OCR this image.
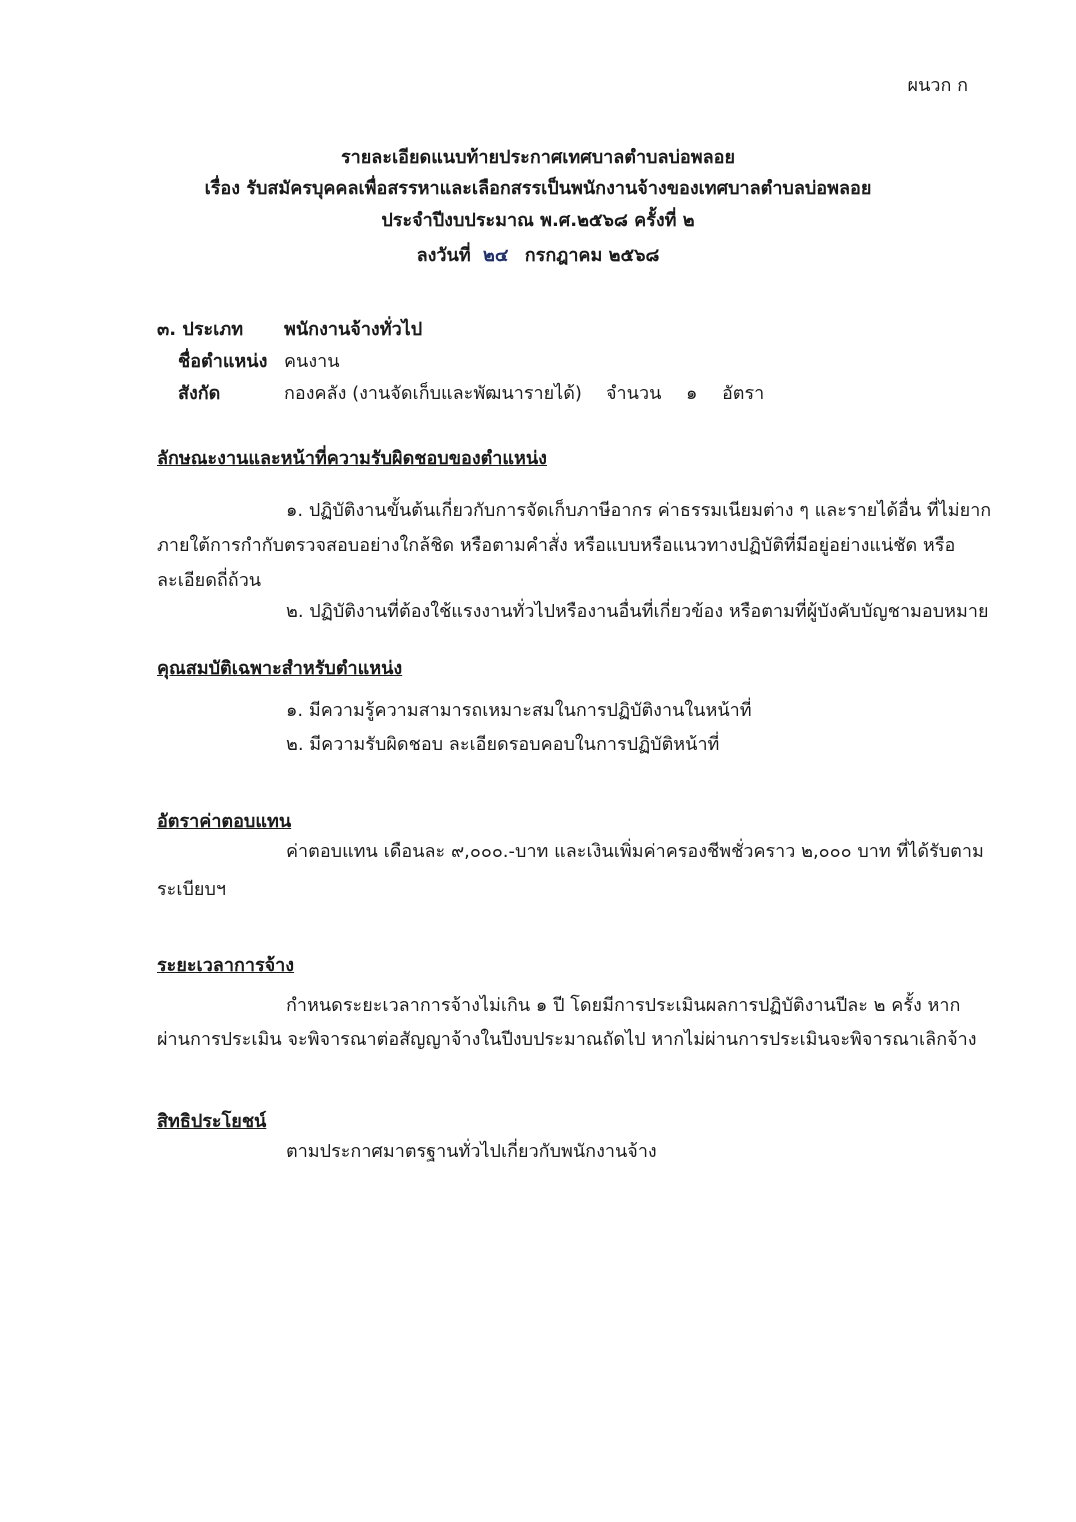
ผนวก ก
รายละเอียดแนบท้ายประกาศเทศบาลตำบลบ่อพลอย
เรื่อง รับสมัครบุคคลเพื่อสรรหาและเลือกสรรเป็นพนักงานจ้างของเทศบาลตำบลบ่อพลอย
ประจำปีงบประมาณ พ.ศ.๒๕๖๘ ครั้งที่ ๒
ลงวันที่ ๒๔ กรกฎาคม ๒๕๖๘
๓. ประเภท พนักงานจ้างทั่วไป
ชื่อตำแหน่ง คนงาน
สังกัด	กองคลัง (งานจัดเก็บและพัฒนารายได้) จำนวน ๑ อัตรา
ลักษณะงานและหน้าที่ความรับผิดชอบของตำแหน่ง
๑. ปฏิบัติงานขั้นต้นเกี่ยวกับการจัดเก็บภาษีอากร ค่าธรรมเนียมต่าง ๆ และรายได้อื่น ที่ไม่ยาก
ภายใต้การกำกับตรวจสอบอย่างใกล้ชิด หรือตามคำสั่ง หรือแบบหรือแนวทางปฏิบัติที่มีอยู่อย่างแน่ชัด หรือ
ละเอียดถี่ถ้วน
๒. ปฏิบัติงานที่ต้องใช้แรงงานทั่วไปหรืองานอื่นที่เกี่ยวข้อง หรือตามที่ผู้บังคับบัญชามอบหมาย
คุณสมบัติเฉพาะสำหรับตำแหน่ง
๑. มีความรู้ความสามารถเหมาะสมในการปฏิบัติงานในหน้าที่
๒. มีความรับผิดชอบ ละเอียดรอบคอบในการปฏิบัติหน้าที่
อัตราค่าตอบแทน
ค่าตอบแทน เดือนละ ๙,๐๐๐.-บาท และเงินเพิ่มค่าครองชีพชั่วคราว ๒,๐๐๐ บาท ที่ได้รับตาม
ระเบียบฯ
ระยะเวลาการจ้าง
กำหนดระยะเวลาการจ้างไม่เกิน ๑ ปี โดยมีการประเมินผลการปฏิบัติงานปีละ ๒ ครั้ง หาก
ผ่านการประเมิน จะพิจารณาต่อสัญญาจ้างในปีงบประมาณถัดไป หากไม่ผ่านการประเมินจะพิจารณาเลิกจ้าง
สิทธิประโยชน์
ตามประกาศมาตรฐานทั่วไปเกี่ยวกับพนักงานจ้าง
